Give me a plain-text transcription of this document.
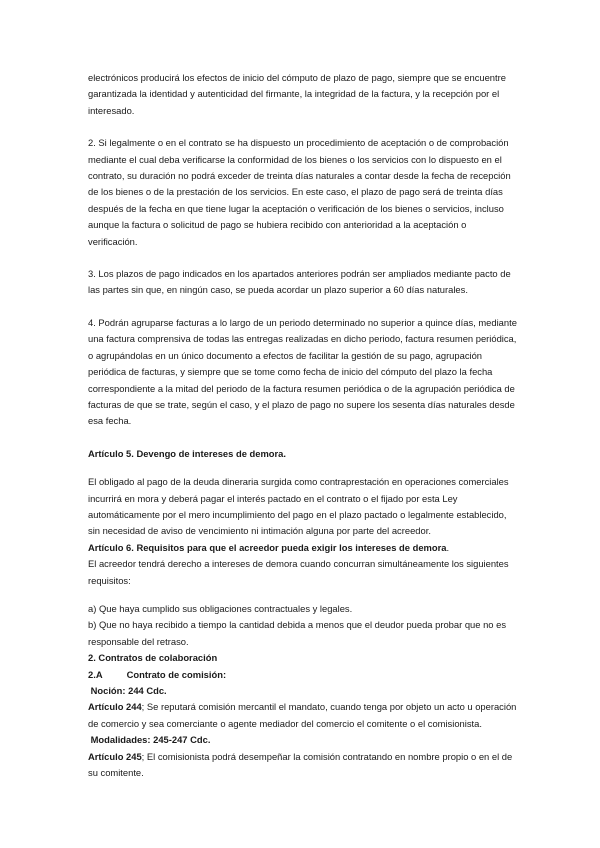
electrónicos producirá los efectos de inicio del cómputo de plazo de pago, siempre que se encuentre garantizada la identidad y autenticidad del firmante, la integridad de la factura, y la recepción por el interesado.

2. Si legalmente o en el contrato se ha dispuesto un procedimiento de aceptación o de comprobación mediante el cual deba verificarse la conformidad de los bienes o los servicios con lo dispuesto en el contrato, su duración no podrá exceder de treinta días naturales a contar desde la fecha de recepción de los bienes o de la prestación de los servicios. En este caso, el plazo de pago será de treinta días después de la fecha en que tiene lugar la aceptación o verificación de los bienes o servicios, incluso aunque la factura o solicitud de pago se hubiera recibido con anterioridad a la aceptación o verificación.

3. Los plazos de pago indicados en los apartados anteriores podrán ser ampliados mediante pacto de las partes sin que, en ningún caso, se pueda acordar un plazo superior a 60 días naturales.

4. Podrán agruparse facturas a lo largo de un periodo determinado no superior a quince días, mediante una factura comprensiva de todas las entregas realizadas en dicho periodo, factura resumen periódica, o agrupándolas en un único documento a efectos de facilitar la gestión de su pago, agrupación periódica de facturas, y siempre que se tome como fecha de inicio del cómputo del plazo la fecha correspondiente a la mitad del periodo de la factura resumen periódica o de la agrupación periódica de facturas de que se trate, según el caso, y el plazo de pago no supere los sesenta días naturales desde esa fecha.

Artículo 5. Devengo de intereses de demora.

El obligado al pago de la deuda dineraria surgida como contraprestación en operaciones comerciales incurrirá en mora y deberá pagar el interés pactado en el contrato o el fijado por esta Ley automáticamente por el mero incumplimiento del pago en el plazo pactado o legalmente establecido, sin necesidad de aviso de vencimiento ni intimación alguna por parte del acreedor.

Artículo 6. Requisitos para que el acreedor pueda exigir los intereses de demora.

El acreedor tendrá derecho a intereses de demora cuando concurran simultáneamente los siguientes requisitos:

a) Que haya cumplido sus obligaciones contractuales y legales.

b) Que no haya recibido a tiempo la cantidad debida a menos que el deudor pueda probar que no es responsable del retraso.

2. Contratos de colaboración

2.A	Contrato de comisión:

Noción: 244 Cdc.

Artículo 244; Se reputará comisión mercantil el mandato, cuando tenga por objeto un acto u operación de comercio y sea comerciante o agente mediador del comercio el comitente o el comisionista.

Modalidades: 245-247 Cdc.

Artículo 245; El comisionista podrá desempeñar la comisión contratando en nombre propio o en el de su comitente.
